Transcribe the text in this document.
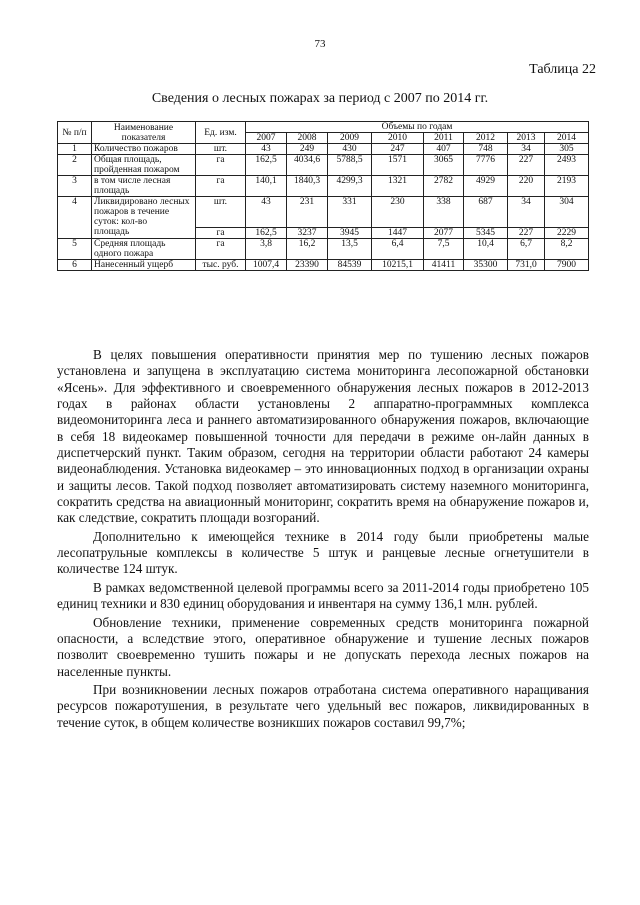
73
Таблица 22
Сведения о лесных пожарах за период с 2007 по 2014 гг.
№ п/п	Наименование показателя	Ед. изм.	Объемы по годам							
			2007	2008	2009	2010	2011	2012	2013	2014
1	Количество пожаров	шт.	43	249	430	247	407	748	34	305
2	Общая площадь, пройденная пожаром	га	162,5	4034,6	5788,5	1571	3065	7776	227	2493
3	в том числе лесная площадь	га	140,1	1840,3	4299,3	1321	2782	4929	220	2193
4	Ликвидировано лесных пожаров в течение суток: кол-во	шт.	43	231	331	230	338	687	34	304
	площадь	га	162,5	3237	3945	1447	2077	5345	227	2229
5	Средняя площадь одного пожара	га	3,8	16,2	13,5	6,4	7,5	10,4	6,7	8,2
6	Нанесенный ущерб	тыс. руб.	1007,4	23390	84539	10215,1	41411	35300	731,0	7900

В целях повышения оперативности принятия мер по тушению лесных пожаров установлена и запущена в эксплуатацию система мониторинга лесопожарной обстановки «Ясень». Для эффективного и своевременного обнаружения лесных пожаров в 2012-2013 годах в районах области установлены 2 аппаратно-программных комплекса видеомониторинга леса и раннего автоматизированного обнаружения пожаров, включающие в себя 18 видеокамер повышенной точности для передачи в режиме он-лайн данных в диспетчерский пункт. Таким образом, сегодня на территории области работают 24 камеры видеонаблюдения. Установка видеокамер – это инновационных подход в организации охраны и защиты лесов. Такой подход позволяет автоматизировать систему наземного мониторинга, сократить средства на авиационный мониторинг, сократить время на обнаружение пожаров и, как следствие, сократить площади возгораний.

Дополнительно к имеющейся технике в 2014 году были приобретены малые лесопатрульные комплексы в количестве 5 штук и ранцевые лесные огнетушители в количестве 124 штук.

В рамках ведомственной целевой программы всего за 2011-2014 годы приобретено 105 единиц техники и 830 единиц оборудования и инвентаря на сумму 136,1 млн. рублей.

Обновление техники, применение современных средств мониторинга пожарной опасности, а вследствие этого, оперативное обнаружение и тушение лесных пожаров позволит своевременно тушить пожары и не допускать перехода лесных пожаров на населенные пункты.

При возникновении лесных пожаров отработана система оперативного наращивания ресурсов пожаротушения, в результате чего удельный вес пожаров, ликвидированных в течение суток, в общем количестве возникших пожаров составил 99,7%;
